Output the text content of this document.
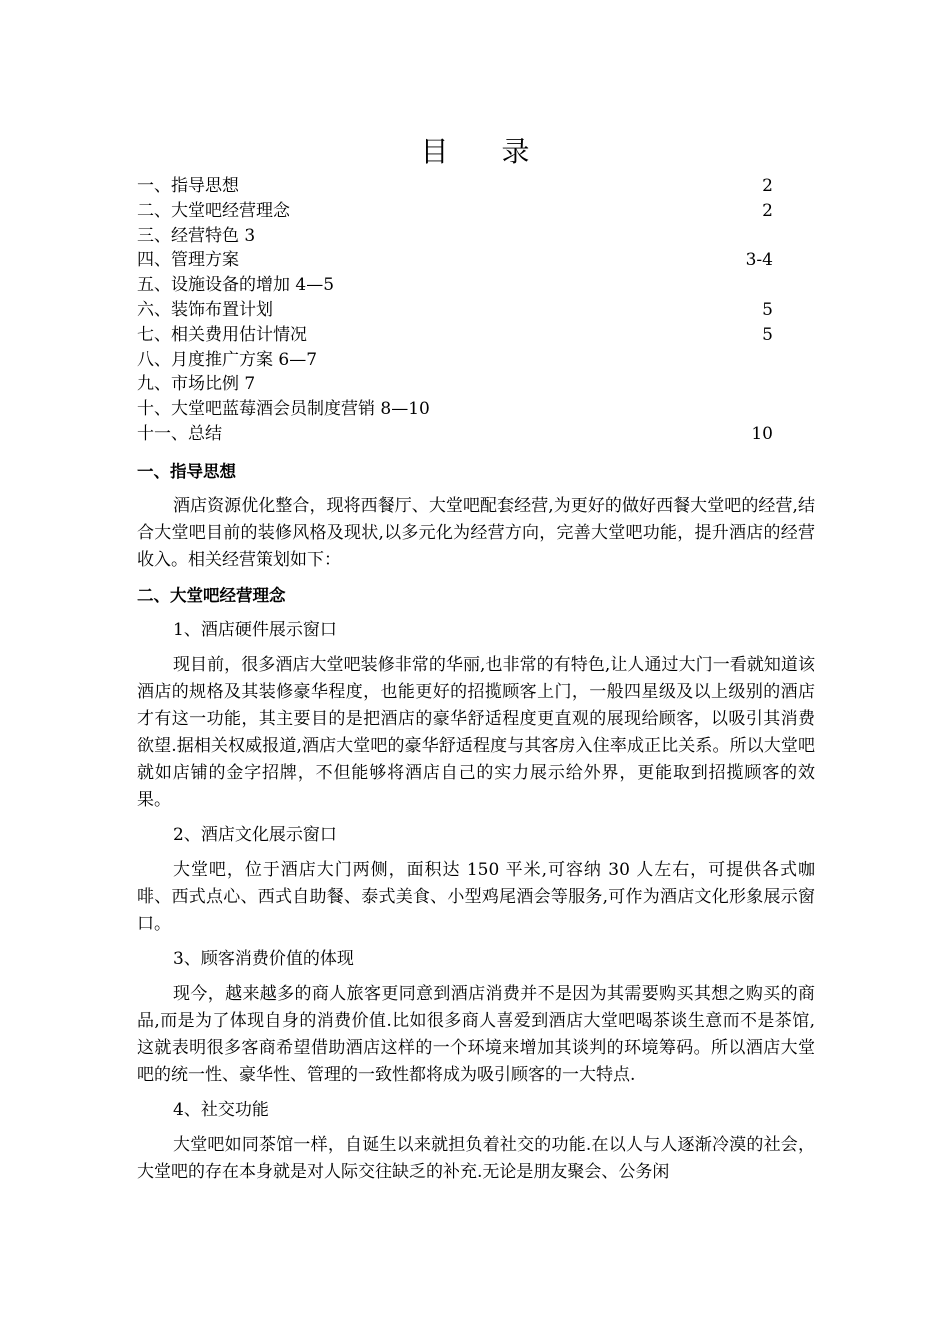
目 录
一、指导思想	2
二、大堂吧经营理念	2
三、经营特色 3
四、管理方案	3-4
五、设施设备的增加 4—5
六、装饰布置计划	5
七、相关费用估计情况	5
八、月度推广方案 6—7
九、市场比例 7
十、大堂吧蓝莓酒会员制度营销 8—10
十一、总结	10
一、指导思想

酒店资源优化整合，现将西餐厅、大堂吧配套经营,为更好的做好西餐大堂吧的经营,结合大堂吧目前的装修风格及现状,以多元化为经营方向，完善大堂吧功能，提升酒店的经营收入。相关经营策划如下：

二、大堂吧经营理念

1、酒店硬件展示窗口

现目前，很多酒店大堂吧装修非常的华丽,也非常的有特色,让人通过大门一看就知道该酒店的规格及其装修豪华程度，也能更好的招揽顾客上门，一般四星级及以上级别的酒店才有这一功能，其主要目的是把酒店的豪华舒适程度更直观的展现给顾客，以吸引其消费欲望.据相关权威报道,酒店大堂吧的豪华舒适程度与其客房入住率成正比关系。所以大堂吧就如店铺的金字招牌，不但能够将酒店自己的实力展示给外界，更能取到招揽顾客的效果。

2、酒店文化展示窗口

大堂吧，位于酒店大门两侧，面积达 150 平米,可容纳 30 人左右，可提供各式咖啡、西式点心、西式自助餐、泰式美食、小型鸡尾酒会等服务,可作为酒店文化形象展示窗口。

3、顾客消费价值的体现

现今，越来越多的商人旅客更同意到酒店消费并不是因为其需要购买其想之购买的商品,而是为了体现自身的消费价值.比如很多商人喜爱到酒店大堂吧喝茶谈生意而不是茶馆,这就表明很多客商希望借助酒店这样的一个环境来增加其谈判的环境筹码。所以酒店大堂吧的统一性、豪华性、管理的一致性都将成为吸引顾客的一大特点.

4、社交功能

大堂吧如同茶馆一样，自诞生以来就担负着社交的功能.在以人与人逐渐冷漠的社会，大堂吧的存在本身就是对人际交往缺乏的补充.无论是朋友聚会、公务闲
